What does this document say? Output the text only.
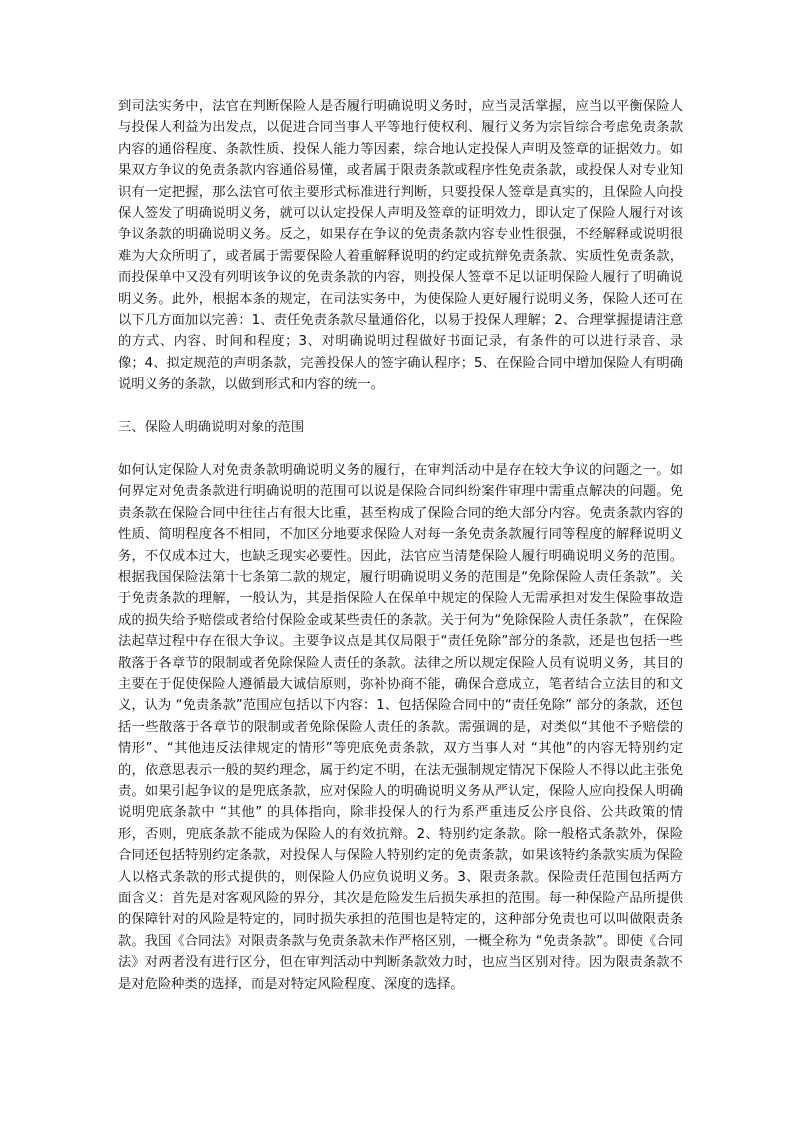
到司法实务中，法官在判断保险人是否履行明确说明义务时，应当灵活掌握，应当以平衡保险人与投保人利益为出发点，以促进合同当事人平等地行使权利、履行义务为宗旨综合考虑免责条款内容的通俗程度、条款性质、投保人能力等因素，综合地认定投保人声明及签章的证据效力。如果双方争议的免责条款内容通俗易懂，或者属于限责条款或程序性免责条款，或投保人对专业知识有一定把握，那么法官可依主要形式标准进行判断，只要投保人签章是真实的，且保险人向投保人签发了明确说明义务，就可以认定投保人声明及签章的证明效力，即认定了保险人履行对该争议条款的明确说明义务。反之，如果存在争议的免责条款内容专业性很强，不经解释或说明很难为大众所明了，或者属于需要保险人着重解释说明的约定或抗辩免责条款、实质性免责条款，而投保单中又没有列明该争议的免责条款的内容，则投保人签章不足以证明保险人履行了明确说明义务。此外，根据本条的规定，在司法实务中，为使保险人更好履行说明义务，保险人还可在以下几方面加以完善：1、责任免责条款尽量通俗化，以易于投保人理解；2、合理掌握提请注意的方式、内容、时间和程度；3、对明确说明过程做好书面记录，有条件的可以进行录音、录像；4、拟定规范的声明条款，完善投保人的签字确认程序；5、在保险合同中增加保险人有明确说明义务的条款，以做到形式和内容的统一。

三、保险人明确说明对象的范围

如何认定保险人对免责条款明确说明义务的履行，在审判活动中是存在较大争议的问题之一。如何界定对免责条款进行明确说明的范围可以说是保险合同纠纷案件审理中需重点解决的问题。免责条款在保险合同中往往占有很大比重，甚至构成了保险合同的绝大部分内容。免责条款内容的性质、简明程度各不相同，不加区分地要求保险人对每一条免责条款履行同等程度的解释说明义务，不仅成本过大，也缺乏现实必要性。因此，法官应当清楚保险人履行明确说明义务的范围。根据我国保险法第十七条第二款的规定，履行明确说明义务的范围是“免除保险人责任条款”。关于免责条款的理解，一般认为，其是指保险人在保单中规定的保险人无需承担对发生保险事故造成的损失给予赔偿或者给付保险金或某些责任的条款。关于何为“免除保险人责任条款”，在保险法起草过程中存在很大争议。主要争议点是其仅局限于“责任免除”部分的条款，还是也包括一些散落于各章节的限制或者免除保险人责任的条款。法律之所以规定保险人员有说明义务，其目的主要在于促使保险人遵循最大诚信原则，弥补协商不能，确保合意成立，笔者结合立法目的和文义，认为 “免责条款”范围应包括以下内容：1、包括保险合同中的“责任免除” 部分的条款，还包括一些散落于各章节的限制或者免除保险人责任的条款。需强调的是，对类似“其他不予赔偿的情形”、“其他违反法律规定的情形”等兜底免责条款，双方当事人对 “其他”的内容无特别约定的，依意思表示一般的契约理念，属于约定不明，在法无强制规定情况下保险人不得以此主张免责。如果引起争议的是兜底条款，应对保险人的明确说明义务从严认定，保险人应向投保人明确说明兜底条款中 “其他” 的具体指向，除非投保人的行为系严重违反公序良俗、公共政策的情形，否则，兜底条款不能成为保险人的有效抗辩。2、特别约定条款。除一般格式条款外，保险合同还包括特别约定条款，对投保人与保险人特别约定的免责条款，如果该特约条款实质为保险人以格式条款的形式提供的，则保险人仍应负说明义务。3、限责条款。保险责任范围包括两方面含义：首先是对客观风险的界分，其次是危险发生后损失承担的范围。每一种保险产品所提供的保障针对的风险是特定的，同时损失承担的范围也是特定的，这种部分免责也可以叫做限责条款。我国《合同法》对限责条款与免责条款未作严格区别，一概全称为 “免责条款”。即使《合同法》对两者没有进行区分，但在审判活动中判断条款效力时，也应当区别对待。因为限责条款不是对危险种类的选择，而是对特定风险程度、深度的选择。
